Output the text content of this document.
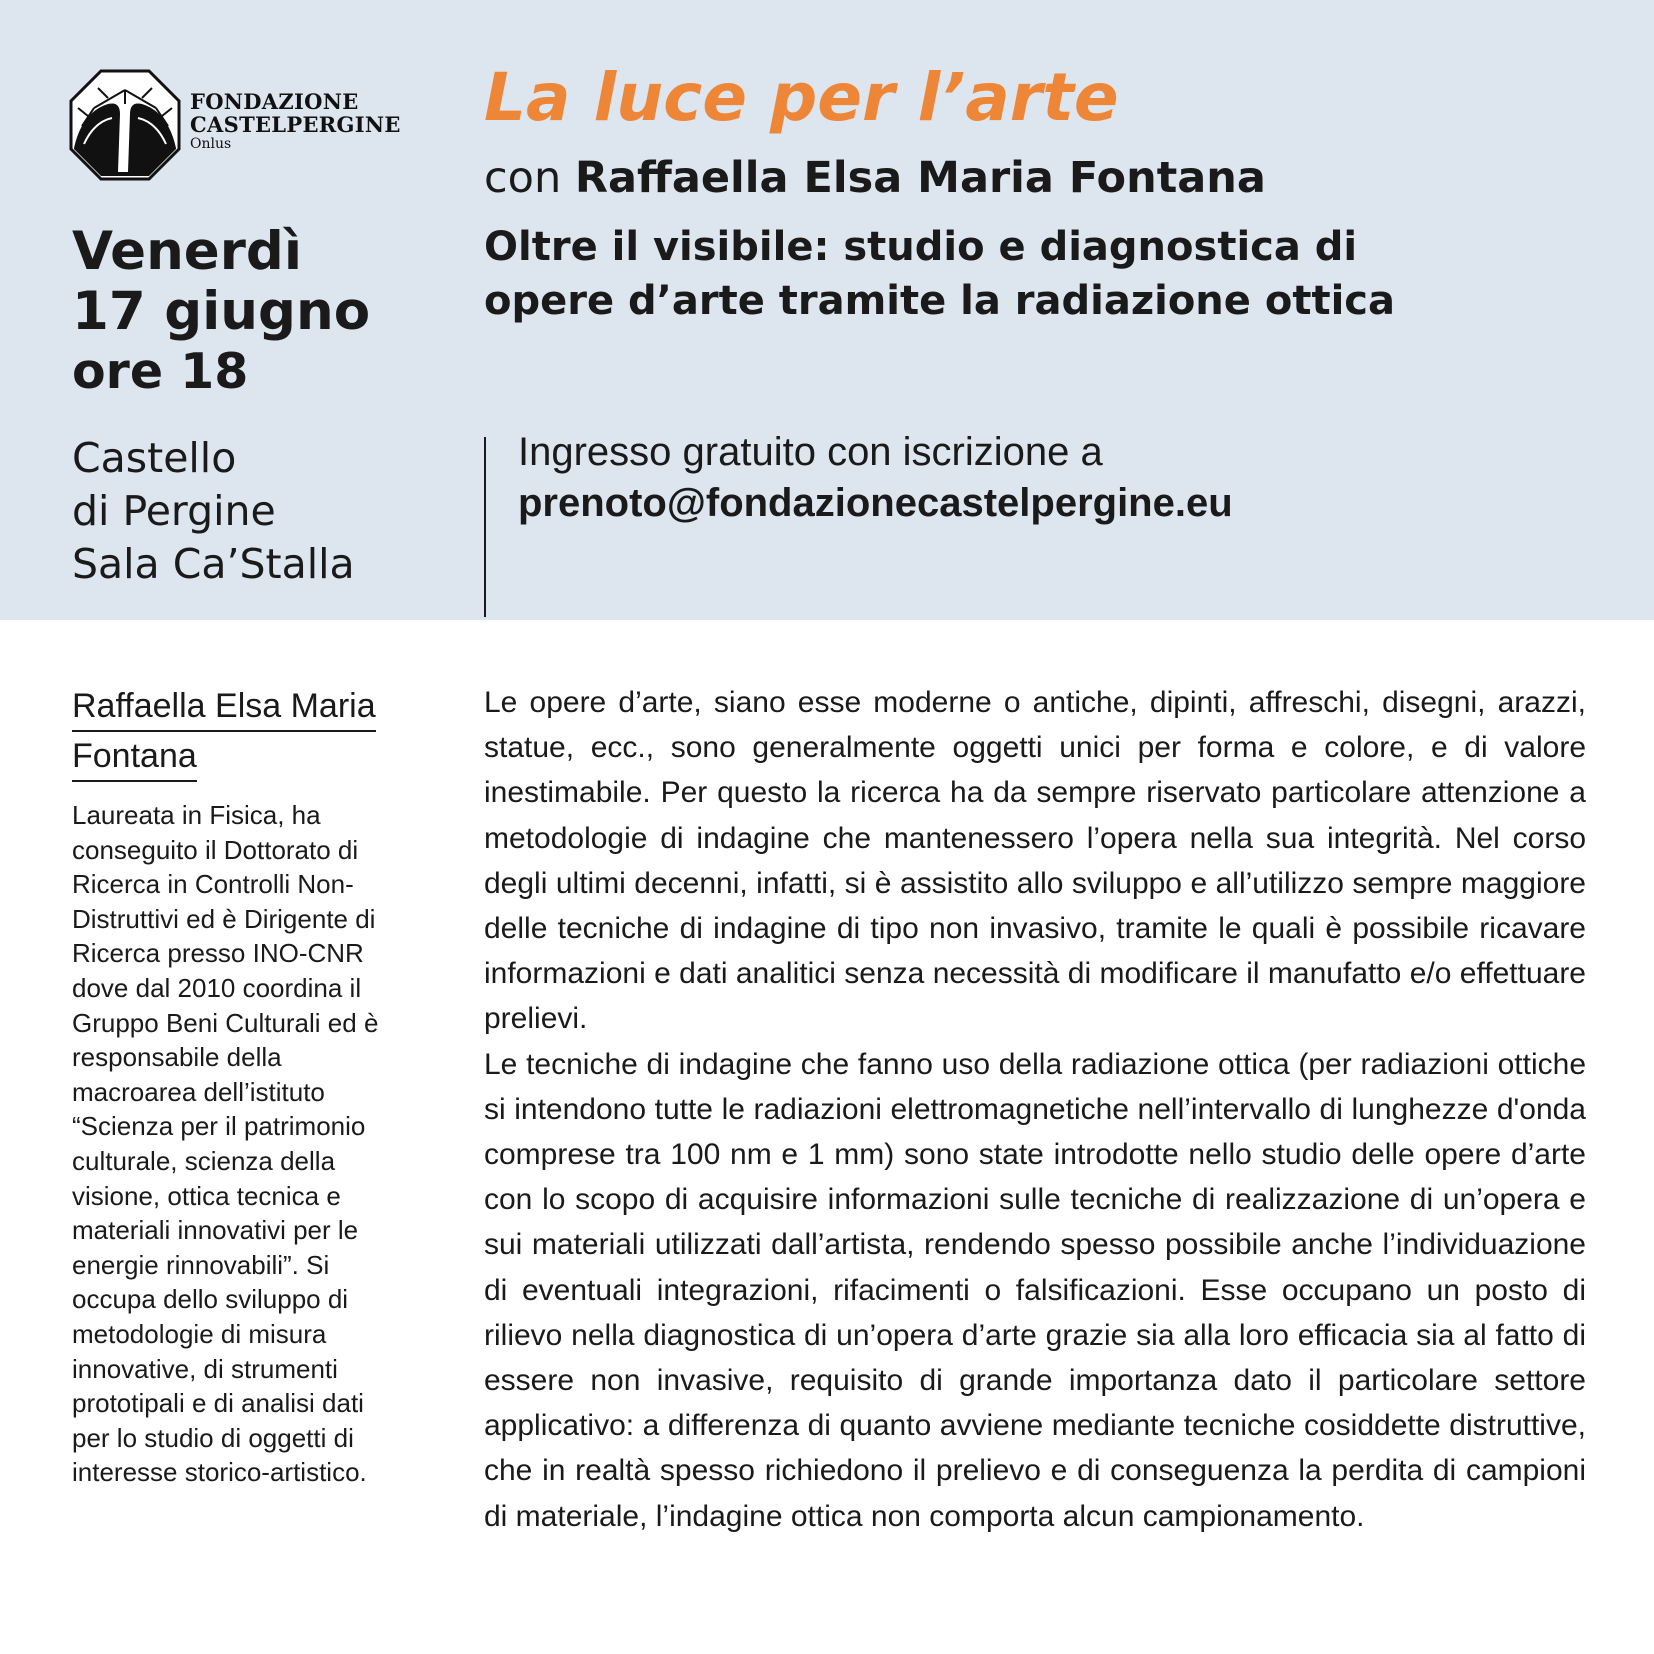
FONDAZIONE
CASTELPERGINE
Onlus
Venerdì
17 giugno
ore 18
Castello
di Pergine
Sala Ca’Stalla
La luce per l’arte
con Raffaella Elsa Maria Fontana
Oltre il visibile: studio e diagnostica di
opere d’arte tramite la radiazione ottica
Ingresso gratuito con iscrizione a
prenoto@fondazionecastelpergine.eu
Raffaella Elsa Maria
Fontana
Laureata in Fisica, ha
conseguito il Dottorato di
Ricerca in Controlli Non-
Distruttivi ed è Dirigente di
Ricerca presso INO-CNR
dove dal 2010 coordina il
Gruppo Beni Culturali ed è
responsabile della
macroarea dell’istituto
“Scienza per il patrimonio
culturale, scienza della
visione, ottica tecnica e
materiali innovativi per le
energie rinnovabili”. Si
occupa dello sviluppo di
metodologie di misura
innovative, di strumenti
prototipali e di analisi dati
per lo studio di oggetti di
interesse storico-artistico.

Le opere d’arte, siano esse moderne o antiche, dipinti, affreschi, disegni, arazzi, statue, ecc., sono generalmente oggetti unici per forma e colore, e di valore inestimabile. Per questo la ricerca ha da sempre riservato particolare attenzione a metodologie di indagine che mantenessero l’opera nella sua integrità. Nel corso degli ultimi decenni, infatti, si è assistito allo sviluppo e all’utilizzo sempre maggiore delle tecniche di indagine di tipo non invasivo, tramite le quali è possibile ricavare informazioni e dati analitici senza necessità di modificare il manufatto e/o effettuare prelievi.

Le tecniche di indagine che fanno uso della radiazione ottica (per radiazioni ottiche si intendono tutte le radiazioni elettromagnetiche nell’intervallo di lunghezze d'onda comprese tra 100 nm e 1 mm) sono state introdotte nello studio delle opere d’arte con lo scopo di acquisire informazioni sulle tecniche di realizzazione di un’opera e sui materiali utilizzati dall’artista, rendendo spesso possibile anche l’individuazione di eventuali integrazioni, rifacimenti o falsificazioni. Esse occupano un posto di rilievo nella diagnostica di un’opera d’arte grazie sia alla loro efficacia sia al fatto di essere non invasive, requisito di grande importanza dato il particolare settore applicativo: a differenza di quanto avviene mediante tecniche cosiddette distruttive, che in realtà spesso richiedono il prelievo e di conseguenza la perdita di campioni di materiale, l’indagine ottica non comporta alcun campionamento.
